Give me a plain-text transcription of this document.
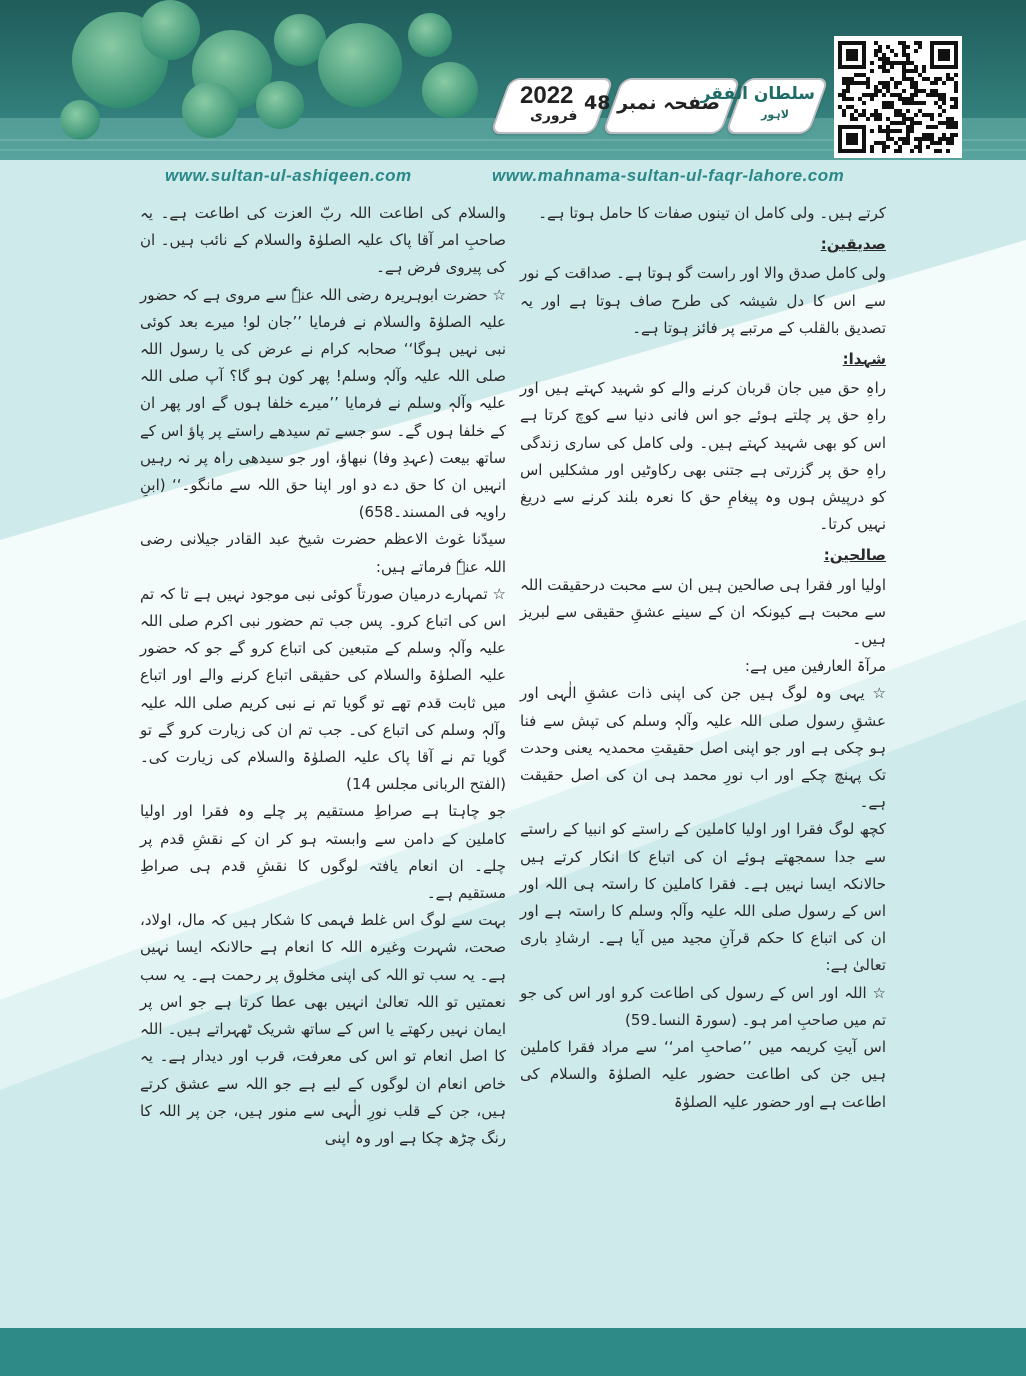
2022
فروری
صفحہ نمبر 48
سلطان الفقر
لاہور
www.sultan-ul-ashiqeen.com	www.mahnama-sultan-ul-faqr-lahore.com

والسلام کی اطاعت اللہ ربّ العزت کی اطاعت ہے۔ یہ صاحبِ امر آقا پاک علیہ الصلوٰۃ والسلام کے نائب ہیں۔ ان کی پیروی فرض ہے۔

☆ حضرت ابوہریرہ رضی اللہ عنہٗ سے مروی ہے کہ حضور علیہ الصلوٰۃ والسلام نے فرمایا ’’جان لو! میرے بعد کوئی نبی نہیں ہوگا‘‘ صحابہ کرام نے عرض کی یا رسول اللہ صلی اللہ علیہ وآلہٖ وسلم! پھر کون ہو گا؟ آپ صلی اللہ علیہ وآلہٖ وسلم نے فرمایا ’’میرے خلفا ہوں گے اور پھر ان کے خلفا ہوں گے۔ سو جسے تم سیدھے راستے پر پاؤ اس کے ساتھ بیعت (عہدِ وفا) نبھاؤ، اور جو سیدھی راہ پر نہ رہیں انہیں ان کا حق دے دو اور اپنا حق اللہ سے مانگو۔‘‘ (ابنِ راویہ فی المسند۔658)

سیدّنا غوث الاعظم حضرت شیخ عبد القادر جیلانی رضی اللہ عنہٗ فرماتے ہیں:

☆ تمہارے درمیان صورتاً کوئی نبی موجود نہیں ہے تا کہ تم اس کی اتباع کرو۔ پس جب تم حضور نبی اکرم صلی اللہ علیہ وآلہٖ وسلم کے متبعین کی اتباع کرو گے جو کہ حضور علیہ الصلوٰۃ والسلام کی حقیقی اتباع کرنے والے اور اتباع میں ثابت قدم تھے تو گویا تم نے نبی کریم صلی اللہ علیہ وآلہٖ وسلم کی اتباع کی۔ جب تم ان کی زیارت کرو گے تو گویا تم نے آقا پاک علیہ الصلوٰۃ والسلام کی زیارت کی۔ (الفتح الربانی مجلس 14)

جو چاہتا ہے صراطِ مستقیم پر چلے وہ فقرا اور اولیا کاملین کے دامن سے وابستہ ہو کر ان کے نقشِ قدم پر چلے۔ ان انعام یافتہ لوگوں کا نقشِ قدم ہی صراطِ مستقیم ہے۔

بہت سے لوگ اس غلط فہمی کا شکار ہیں کہ مال، اولاد، صحت، شہرت وغیرہ اللہ کا انعام ہے حالانکہ ایسا نہیں ہے۔ یہ سب تو اللہ کی اپنی مخلوق پر رحمت ہے۔ یہ سب نعمتیں تو اللہ تعالیٰ انہیں بھی عطا کرتا ہے جو اس پر ایمان نہیں رکھتے یا اس کے ساتھ شریک ٹھہراتے ہیں۔ اللہ کا اصل انعام تو اس کی معرفت، قرب اور دیدار ہے۔ یہ خاص انعام ان لوگوں کے لیے ہے جو اللہ سے عشق کرتے ہیں، جن کے قلب نورِ الٰہی سے منور ہیں، جن پر اللہ کا رنگ چڑھ چکا ہے اور وہ اپنی

کرتے ہیں۔ ولی کامل ان تینوں صفات کا حامل ہوتا ہے۔

صدیقین:

ولی کامل صدق والا اور راست گو ہوتا ہے۔ صداقت کے نور سے اس کا دل شیشہ کی طرح صاف ہوتا ہے اور یہ تصدیق بالقلب کے مرتبے پر فائز ہوتا ہے۔

شہدا:

راہِ حق میں جان قربان کرنے والے کو شہید کہتے ہیں اور راہِ حق پر چلتے ہوئے جو اس فانی دنیا سے کوچ کرتا ہے اس کو بھی شہید کہتے ہیں۔ ولی کامل کی ساری زندگی راہِ حق پر گزرتی ہے جتنی بھی رکاوٹیں اور مشکلیں اس کو درپیش ہوں وہ پیغامِ حق کا نعرہ بلند کرنے سے دریغ نہیں کرتا۔

صالحین:

اولیا اور فقرا ہی صالحین ہیں ان سے محبت درحقیقت اللہ سے محبت ہے کیونکہ ان کے سینے عشقِ حقیقی سے لبریز ہیں۔

مرآۃ العارفین میں ہے:

☆ یہی وہ لوگ ہیں جن کی اپنی ذات عشقِ الٰہی اور عشقِ رسول صلی اللہ علیہ وآلہٖ وسلم کی تپش سے فنا ہو چکی ہے اور جو اپنی اصل حقیقتِ محمدیہ یعنی وحدت تک پہنچ چکے اور اب نورِ محمد ہی ان کی اصل حقیقت ہے۔

کچھ لوگ فقرا اور اولیا کاملین کے راستے کو انبیا کے راستے سے جدا سمجھتے ہوئے ان کی اتباع کا انکار کرتے ہیں حالانکہ ایسا نہیں ہے۔ فقرا کاملین کا راستہ ہی اللہ اور اس کے رسول صلی اللہ علیہ وآلہٖ وسلم کا راستہ ہے اور ان کی اتباع کا حکم قرآنِ مجید میں آیا ہے۔ ارشادِ باری تعالیٰ ہے:

☆ اللہ اور اس کے رسول کی اطاعت کرو اور اس کی جو تم میں صاحبِ امر ہو۔ (سورۃ النسا۔59)

اس آیتِ کریمہ میں ’’صاحبِ امر‘‘ سے مراد فقرا کاملین ہیں جن کی اطاعت حضور علیہ الصلوٰۃ والسلام کی اطاعت ہے اور حضور علیہ الصلوٰۃ
